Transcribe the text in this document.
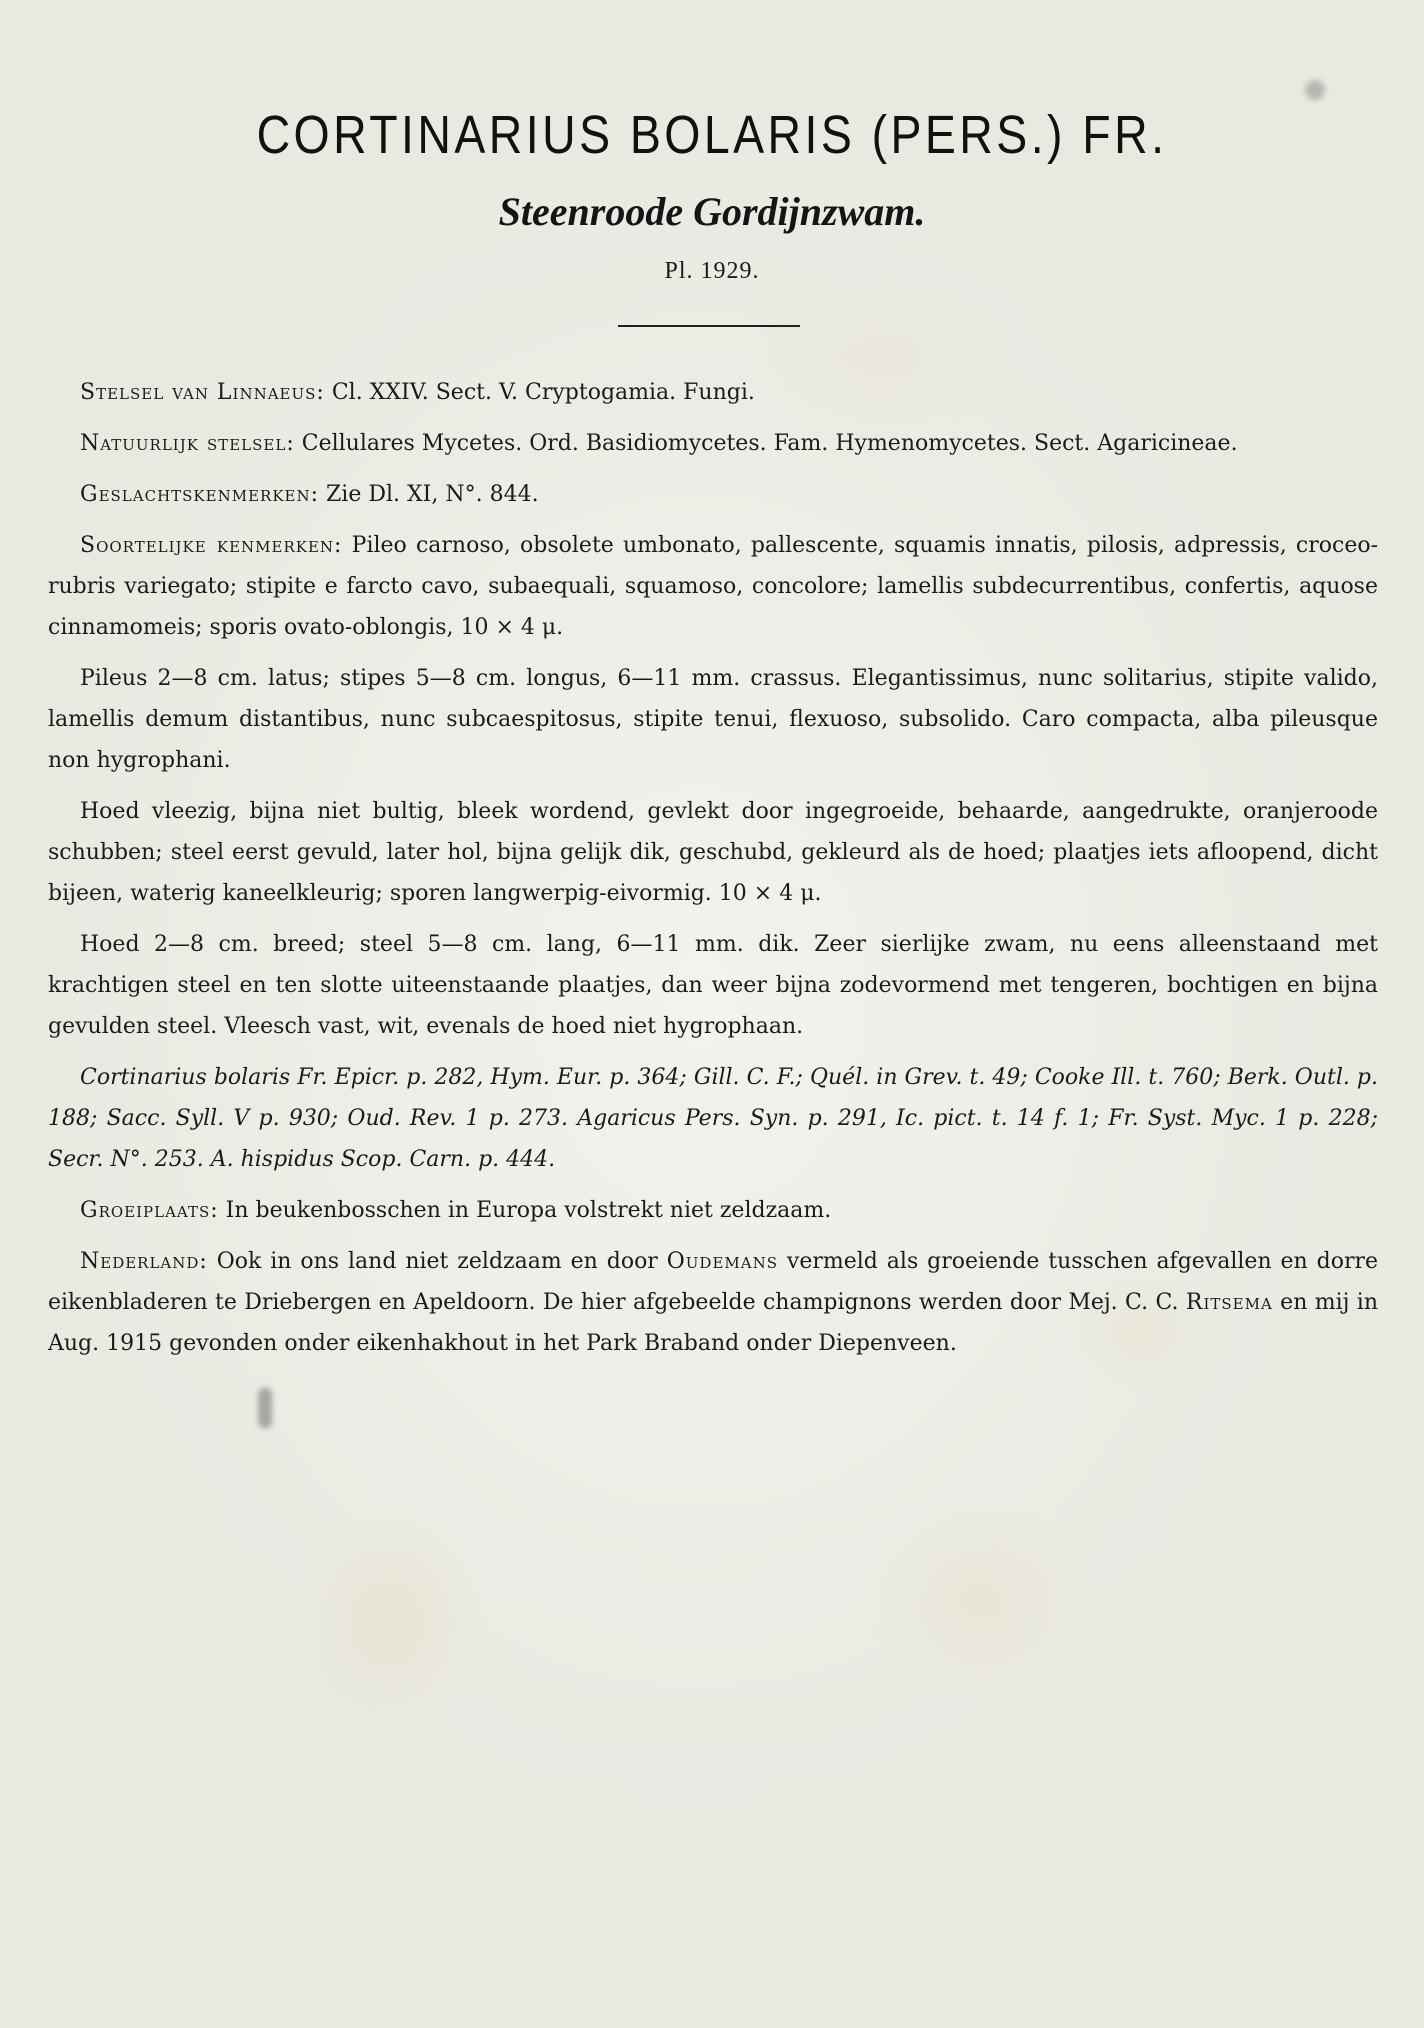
CORTINARIUS BOLARIS (PERS.) FR.
Steenroode Gordijnzwam.
Pl. 1929.

Stelsel van Linnaeus: Cl. XXIV. Sect. V. Cryptogamia. Fungi.

Natuurlijk stelsel: Cellulares Mycetes. Ord. Basidiomycetes. Fam. Hymenomycetes. Sect. Agaricineae.

Geslachtskenmerken: Zie Dl. XI, N°. 844.

Soortelijke kenmerken: Pileo carnoso, obsolete umbonato, pallescente, squamis innatis, pilosis, adpressis, croceo-rubris variegato; stipite e farcto cavo, subaequali, squamoso, concolore; lamellis subdecurrentibus, confertis, aquose cinnamomeis; sporis ovato-oblongis, 10 × 4 μ.

Pileus 2—8 cm. latus; stipes 5—8 cm. longus, 6—11 mm. crassus. Elegantissimus, nunc solitarius, stipite valido, lamellis demum distantibus, nunc subcaespitosus, stipite tenui, flexuoso, subsolido. Caro compacta, alba pileusque non hygrophani.

Hoed vleezig, bijna niet bultig, bleek wordend, gevlekt door ingegroeide, behaarde, aangedrukte, oranjeroode schubben; steel eerst gevuld, later hol, bijna gelijk dik, geschubd, gekleurd als de hoed; plaatjes iets afloopend, dicht bijeen, waterig kaneelkleurig; sporen langwerpig-eivormig. 10 × 4 μ.

Hoed 2—8 cm. breed; steel 5—8 cm. lang, 6—11 mm. dik. Zeer sierlijke zwam, nu eens alleenstaand met krachtigen steel en ten slotte uiteenstaande plaatjes, dan weer bijna zodevormend met tengeren, bochtigen en bijna gevulden steel. Vleesch vast, wit, evenals de hoed niet hygrophaan.

Cortinarius bolaris Fr. Epicr. p. 282, Hym. Eur. p. 364; Gill. C. F.; Quél. in Grev. t. 49; Cooke Ill. t. 760; Berk. Outl. p. 188; Sacc. Syll. V p. 930; Oud. Rev. 1 p. 273. Agaricus Pers. Syn. p. 291, Ic. pict. t. 14 f. 1; Fr. Syst. Myc. 1 p. 228; Secr. N°. 253. A. hispidus Scop. Carn. p. 444.

Groeiplaats: In beukenbosschen in Europa volstrekt niet zeldzaam.

Nederland: Ook in ons land niet zeldzaam en door Oudemans vermeld als groeiende tusschen afgevallen en dorre eikenbladeren te Driebergen en Apeldoorn. De hier afgebeelde champignons werden door Mej. C. C. Ritsema en mij in Aug. 1915 gevonden onder eikenhakhout in het Park Braband onder Diepenveen.
